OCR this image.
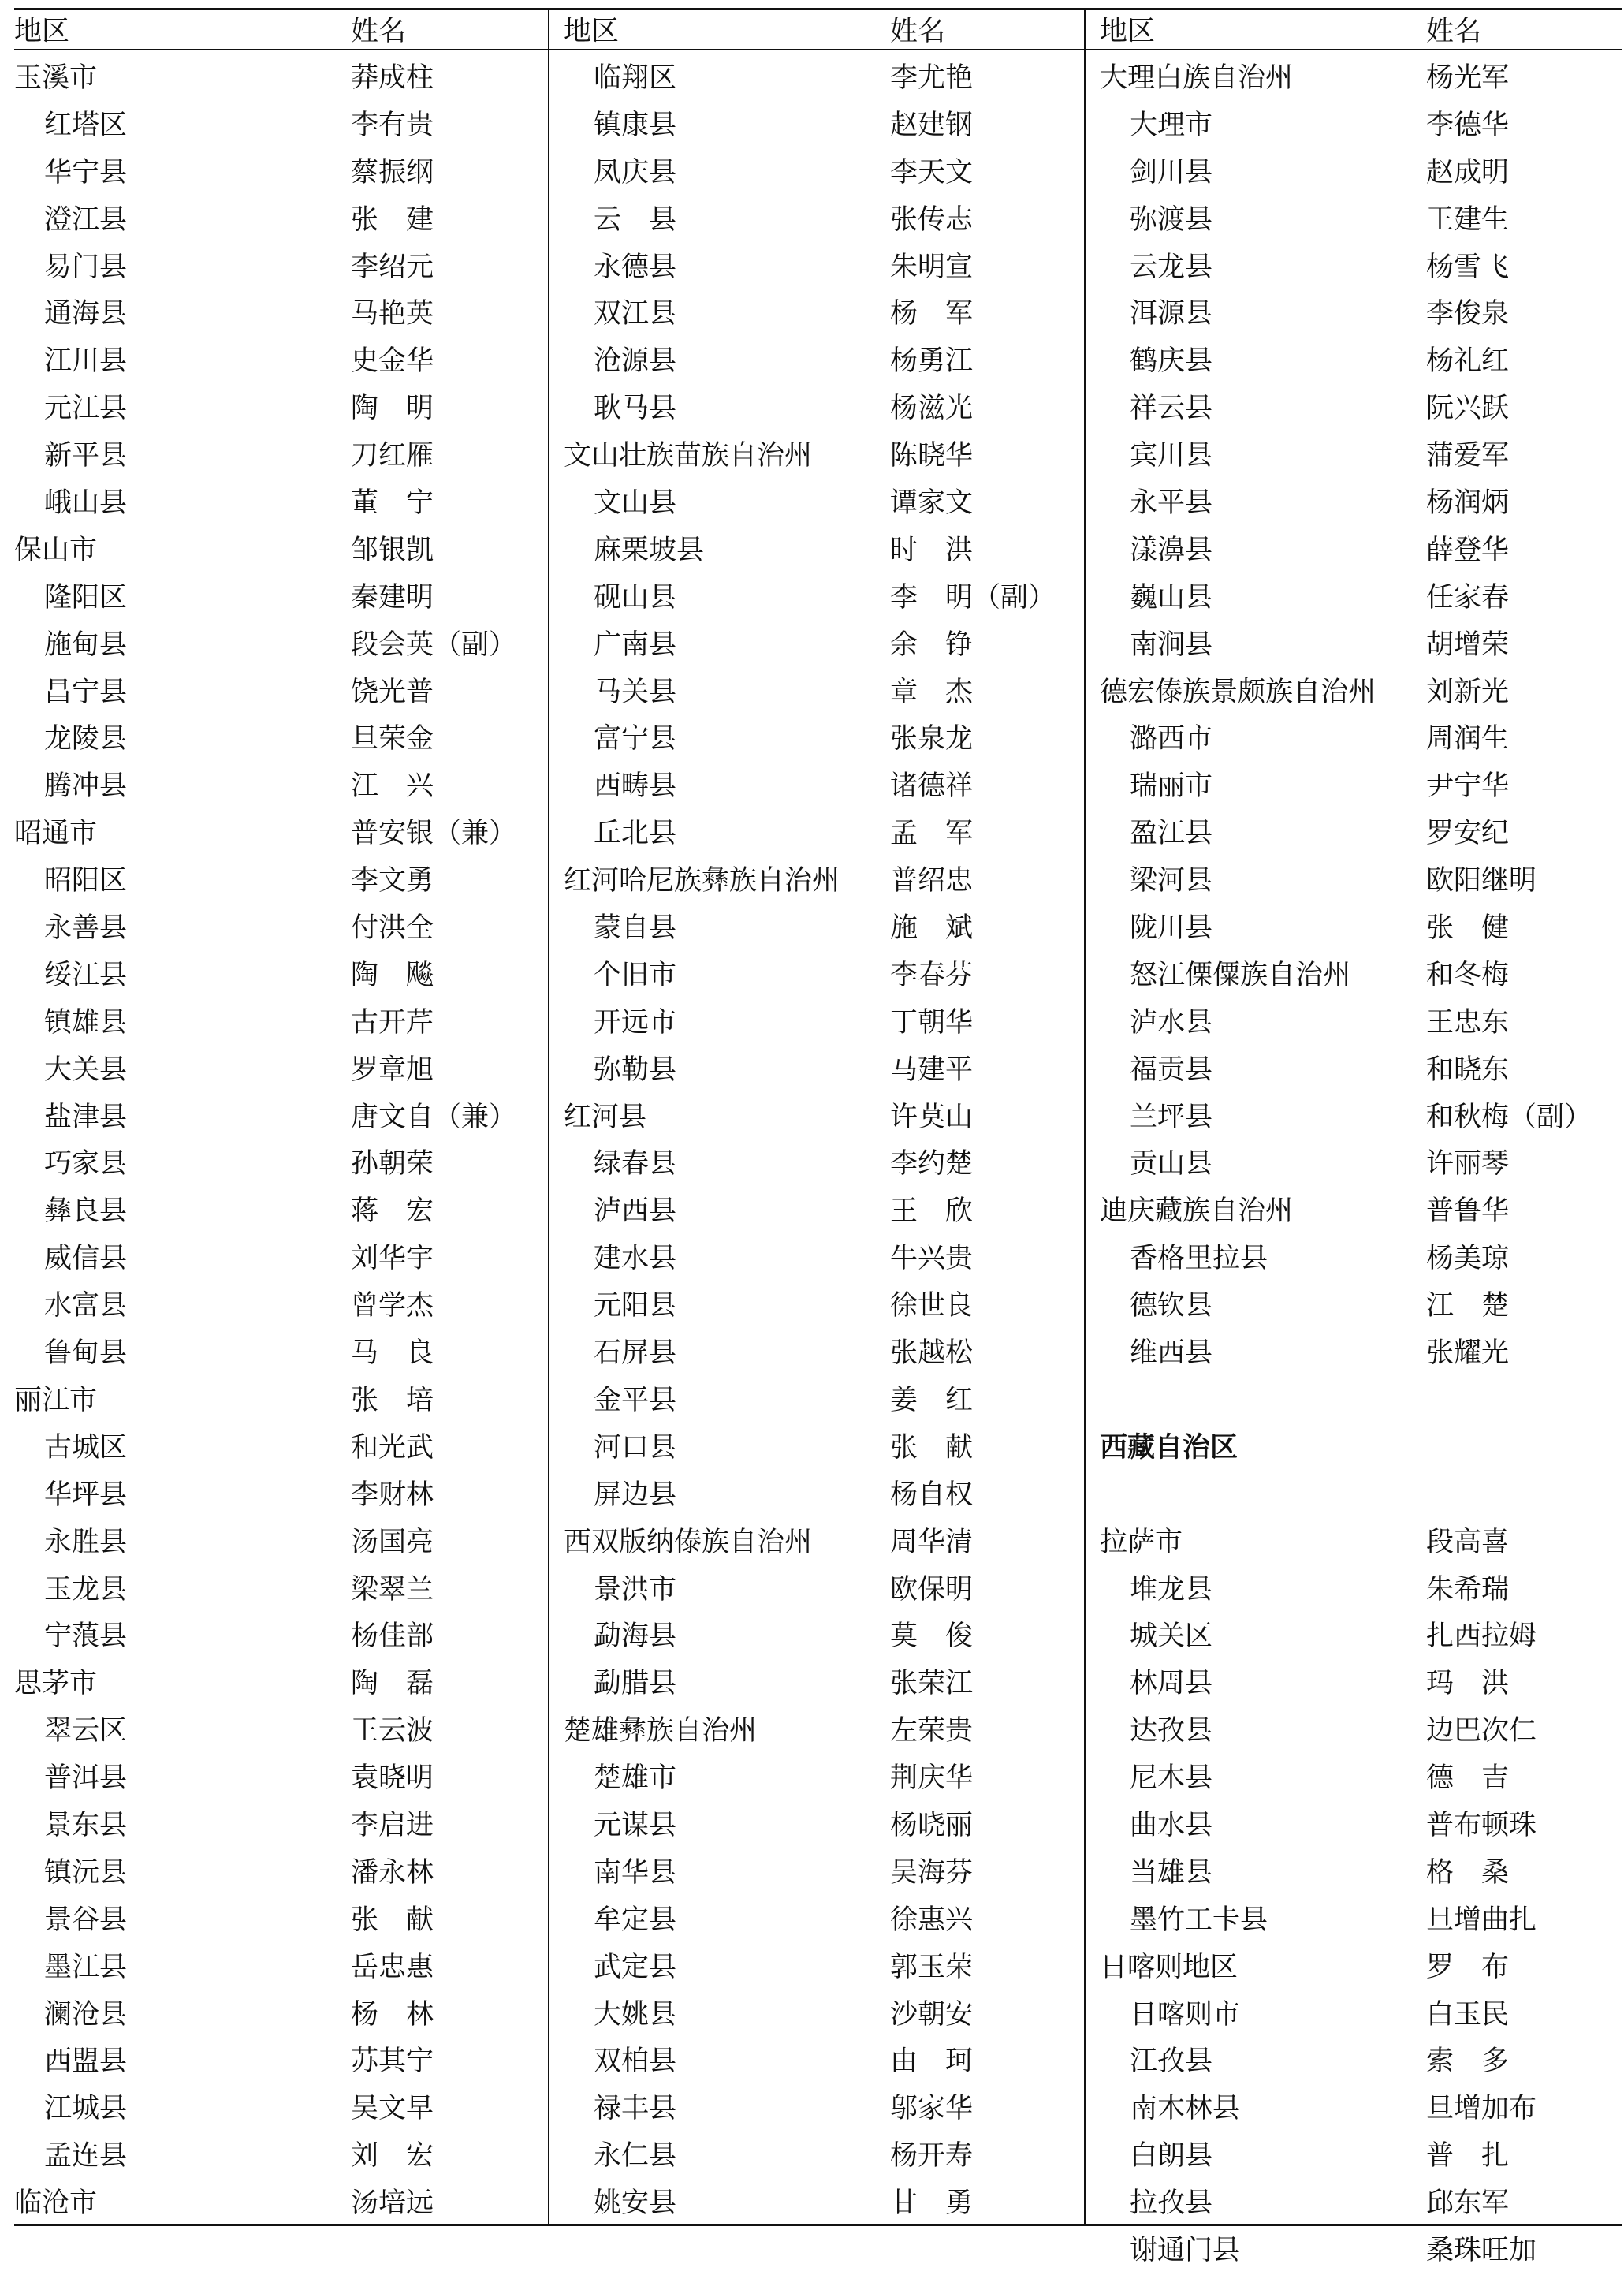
地区	姓名
玉溪市	莽成柱
红塔区	李有贵
华宁县	蔡振纲
澄江县	张　建
易门县	李绍元
通海县	马艳英
江川县	史金华
元江县	陶　明
新平县	刀红雁
峨山县	董　宁
保山市	邹银凯
隆阳区	秦建明
施甸县	段会英（副）
昌宁县	饶光普
龙陵县	旦荣金
腾冲县	江　兴
昭通市	普安银（兼）
昭阳区	李文勇
永善县	付洪全
绥江县	陶　飚
镇雄县	古开芹
大关县	罗章旭
盐津县	唐文自（兼）
巧家县	孙朝荣
彝良县	蒋　宏
威信县	刘华宇
水富县	曾学杰
鲁甸县	马　良
丽江市	张　培
古城区	和光武
华坪县	李财林
永胜县	汤国亮
玉龙县	梁翠兰
宁蒗县	杨佳部
思茅市	陶　磊
翠云区	王云波
普洱县	袁晓明
景东县	李启进
镇沅县	潘永林
景谷县	张　献
墨江县	岳忠惠
澜沧县	杨　林
西盟县	苏其宁
江城县	吴文早
孟连县	刘　宏
临沧市	汤培远
地区	姓名
临翔区	李尤艳
镇康县	赵建钢
凤庆县	李天文
云　县	张传志
永德县	朱明宣
双江县	杨　军
沧源县	杨勇江
耿马县	杨滋光
文山壮族苗族自治州	陈晓华
文山县	谭家文
麻栗坡县	时　洪
砚山县	李　明（副）
广南县	余　铮
马关县	章　杰
富宁县	张泉龙
西畴县	诸德祥
丘北县	孟　军
红河哈尼族彝族自治州 普绍忠
蒙自县	施　斌
个旧市	李春芬
开远市	丁朝华
弥勒县	马建平
红河县	许莫山
绿春县	李约楚
泸西县	王　欣
建水县	牛兴贵
元阳县	徐世良
石屏县	张越松
金平县	姜　红
河口县	张　献
屏边县	杨自权
西双版纳傣族自治州	周华清
景洪市	欧保明
勐海县	莫　俊
勐腊县	张荣江
楚雄彝族自治州	左荣贵
楚雄市	荆庆华
元谋县	杨晓丽
南华县	吴海芬
牟定县	徐惠兴
武定县	郭玉荣
大姚县	沙朝安
双柏县	由　珂
禄丰县	邬家华
永仁县	杨开寿
姚安县	甘　勇
地区	姓名
大理白族自治州	杨光军
大理市	李德华
剑川县	赵成明
弥渡县	王建生
云龙县	杨雪飞
洱源县	李俊泉
鹤庆县	杨礼红
祥云县	阮兴跃
宾川县	蒲爱军
永平县	杨润炳
漾濞县	薛登华
巍山县	任家春
南涧县	胡增荣
德宏傣族景颇族自治州 刘新光
潞西市	周润生
瑞丽市	尹宁华
盈江县	罗安纪
梁河县	欧阳继明
陇川县	张　健
怒江傈僳族自治州	和冬梅
泸水县	王忠东
福贡县	和晓东
兰坪县	和秋梅（副）
贡山县	许丽琴
迪庆藏族自治州	普鲁华
香格里拉县	杨美琼
德钦县	江　楚
维西县	张耀光
西藏自治区
拉萨市	段高喜
堆龙县	朱希瑞
城关区	扎西拉姆
林周县	玛　洪
达孜县	边巴次仁
尼木县	德　吉
曲水县	普布顿珠
当雄县	格　桑
墨竹工卡县	旦增曲扎
日喀则地区	罗　布
日喀则市	白玉民
江孜县	索　多
南木林县	旦增加布
白朗县	普　扎
拉孜县	邱东军
谢通门县	桑珠旺加
